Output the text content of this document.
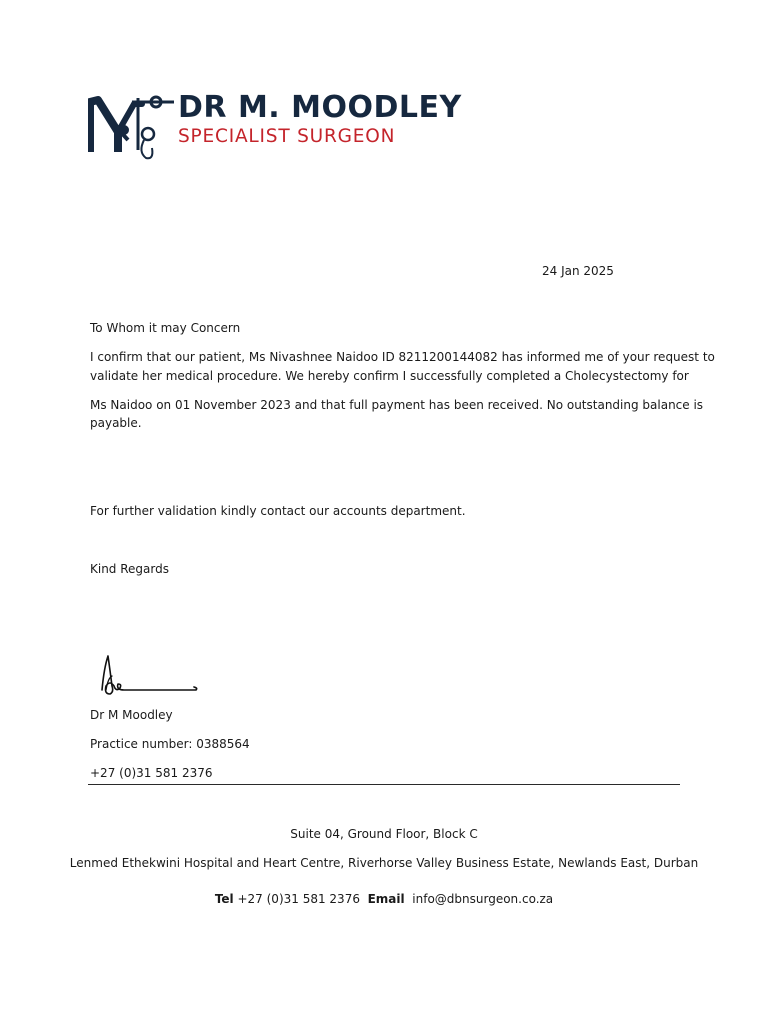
DR M. MOODLEY
SPECIALIST SURGEON
24 Jan 2025

To Whom it may Concern

I confirm that our patient, Ms Nivashnee Naidoo ID 8211200144082 has informed me of your request to

validate her medical procedure. We hereby confirm I successfully completed a Cholecystectomy for

Ms Naidoo on 01 November 2023 and that full payment has been received. No outstanding balance is

payable.

For further validation kindly contact our accounts department.

Kind Regards

Dr M Moodley

Practice number: 0388564

+27 (0)31 581 2376

Suite 04, Ground Floor, Block C
Lenmed Ethekwini Hospital and Heart Centre, Riverhorse Valley Business Estate, Newlands East, Durban
Tel +27 (0)31 581 2376 Email info@dbnsurgeon.co.za
